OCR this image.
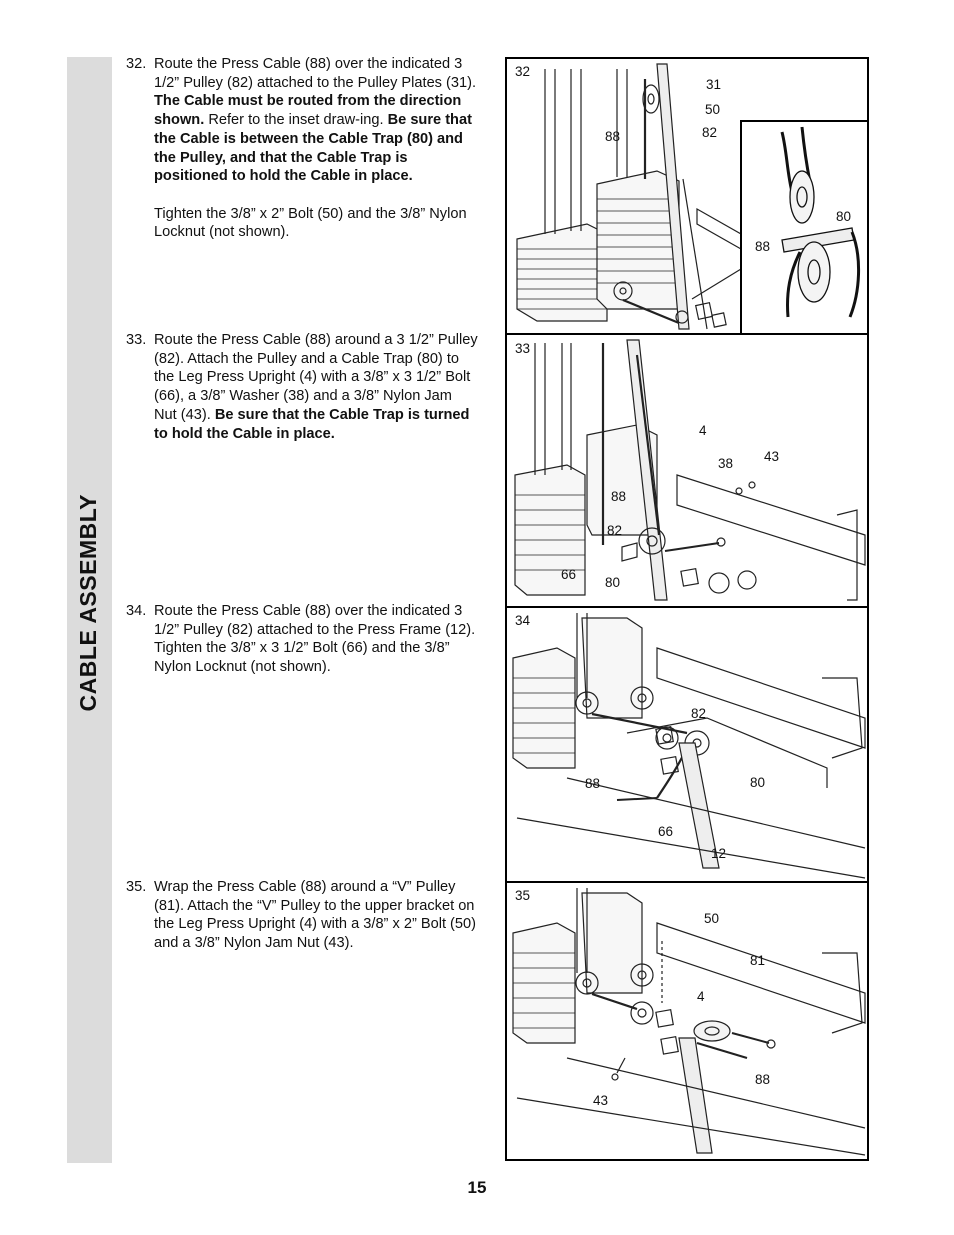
CABLE ASSEMBLY
32. Route the Press Cable (88) over the indicated 3 1/2” Pulley (82) attached to the Pulley Plates (31). The Cable must be routed from the direction shown. Refer to the inset draw-ing. Be sure that the Cable is between the Cable Trap (80) and the Pulley, and that the Cable Trap is positioned to hold the Cable in place.

Tighten the 3/8” x 2” Bolt (50) and the 3/8” Nylon Locknut (not shown).

33. Route the Press Cable (88) around a 3 1/2” Pulley (82). Attach the Pulley and a Cable Trap (80) to the Leg Press Upright (4) with a 3/8” x 3 1/2” Bolt (66), a 3/8” Washer (38) and a 3/8” Nylon Jam Nut (43). Be sure that the Cable Trap is turned to hold the Cable in place.

34. Route the Press Cable (88) over the indicated 3 1/2” Pulley (82) attached to the Press Frame (12). Tighten the 3/8” x 3 1/2” Bolt (66) and the 3/8” Nylon Locknut (not shown).

35. Wrap the Press Cable (88) around a “V” Pulley (81). Attach the “V” Pulley to the upper bracket on the Leg Press Upright (4) with a 3/8” x 2” Bolt (50) and a 3/8” Nylon Jam Nut (43).

32
31
50
82
88
80
88
33
4
38 43
88
82
66
80
34
82
80
88
66
12
35
50
81
4
88
43
15
